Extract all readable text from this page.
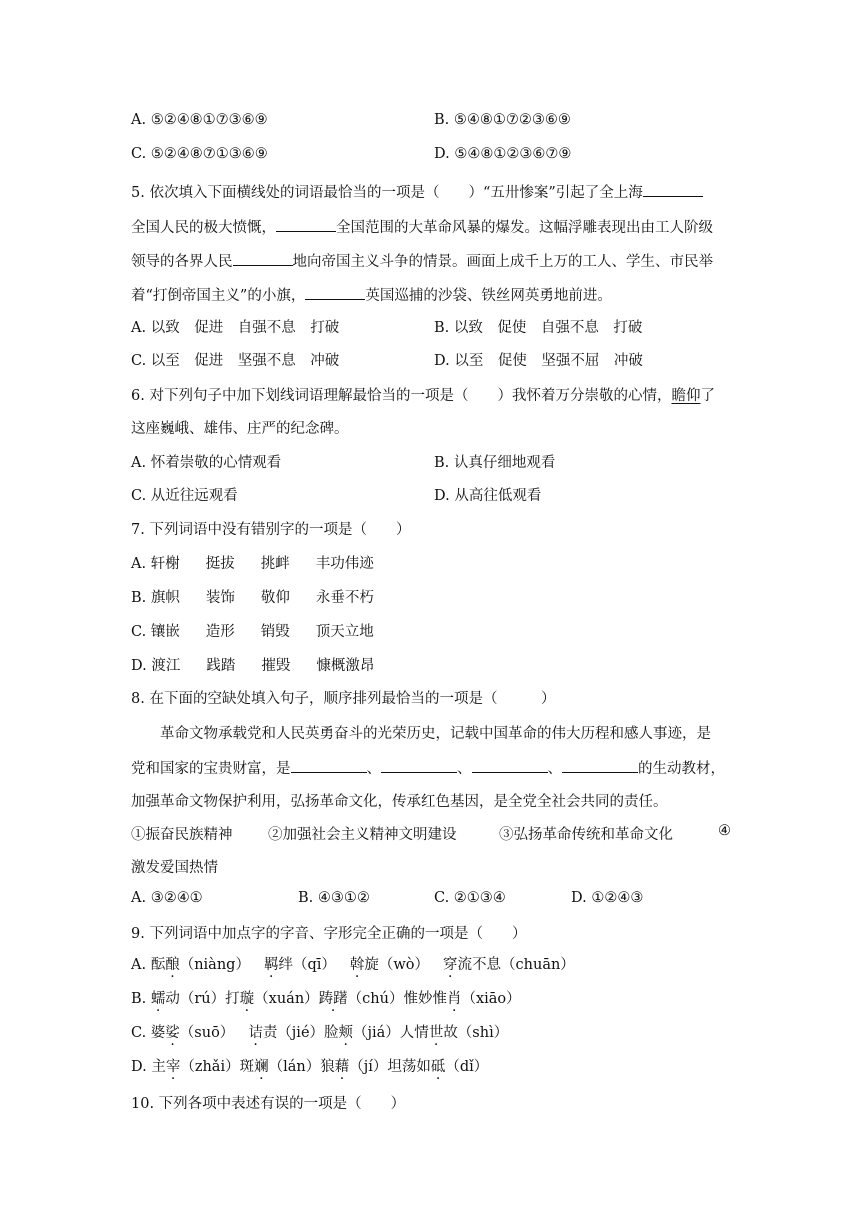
A. ⑤②④⑧①⑦③⑥⑨	B. ⑤④⑧①⑦②③⑥⑨
C. ⑤②④⑧⑦①③⑥⑨	D. ⑤④⑧①②③⑥⑦⑨
5. 依次填入下面横线处的词语最恰当的一项是（　　）“五卅惨案”引起了全上海
全国人民的极大愤慨，	全国范围的大革命风暴的爆发。这幅浮雕表现出由工人阶级
领导的各界人民	地向帝国主义斗争的情景。画面上成千上万的工人、学生、市民举
着“打倒帝国主义”的小旗，	英国巡捕的沙袋、铁丝网英勇地前进。
A. 以致　促进　自强不息　打破	B. 以致　促使　自强不息　打破
C. 以至　促进　坚强不息　冲破	D. 以至　促使　坚强不屈　冲破
6. 对下列句子中加下划线词语理解最恰当的一项是（　　）我怀着万分崇敬的心情，瞻仰了
这座巍峨、雄伟、庄严的纪念碑。
A. 怀着崇敬的心情观看	B. 认真仔细地观看
C. 从近往远观看	D. 从高往低观看
7. 下列词语中没有错别字的一项是（　　）
A. 轩榭 挺拔 挑衅 丰功伟迹
B. 旗帜 装饰 敬仰 永垂不朽
C. 镶嵌 造形 销毁 顶天立地
D. 渡江 践踏 摧毁 慷概激昂
8. 在下面的空缺处填入句子，顺序排列最恰当的一项是（　　　）
　　革命文物承载党和人民英勇奋斗的光荣历史，记载中国革命的伟大历程和感人事迹，是
党和国家的宝贵财富，是	、	、	、	的生动教材，
加强革命文物保护利用，弘扬革命文化，传承红色基因，是全党全社会共同的责任。
①振奋民族精神 ②加强社会主义精神文明建设	③弘扬革命传统和革命文化	④
激发爱国热情
A. ③②④①	B. ④③①②	C. ②①③④	D. ①②④③
9. 下列词语中加点字的字音、字形完全正确的一项是（　　）
A. 酝酿（niàng） 羁绊（qī） 斡旋（wò） 穿流不息（chuān）
B. 蠕动（rú）打璇（xuán）踌躇（chú）惟妙惟肖（xiāo）
C. 婆娑（suō） 诘责（jié）脸颊（jiá）人情世故（shì）
D. 主宰（zhǎi）斑斓（lán）狼藉（jí）坦荡如砥（dǐ）
10. 下列各项中表述有误的一项是（　　）
